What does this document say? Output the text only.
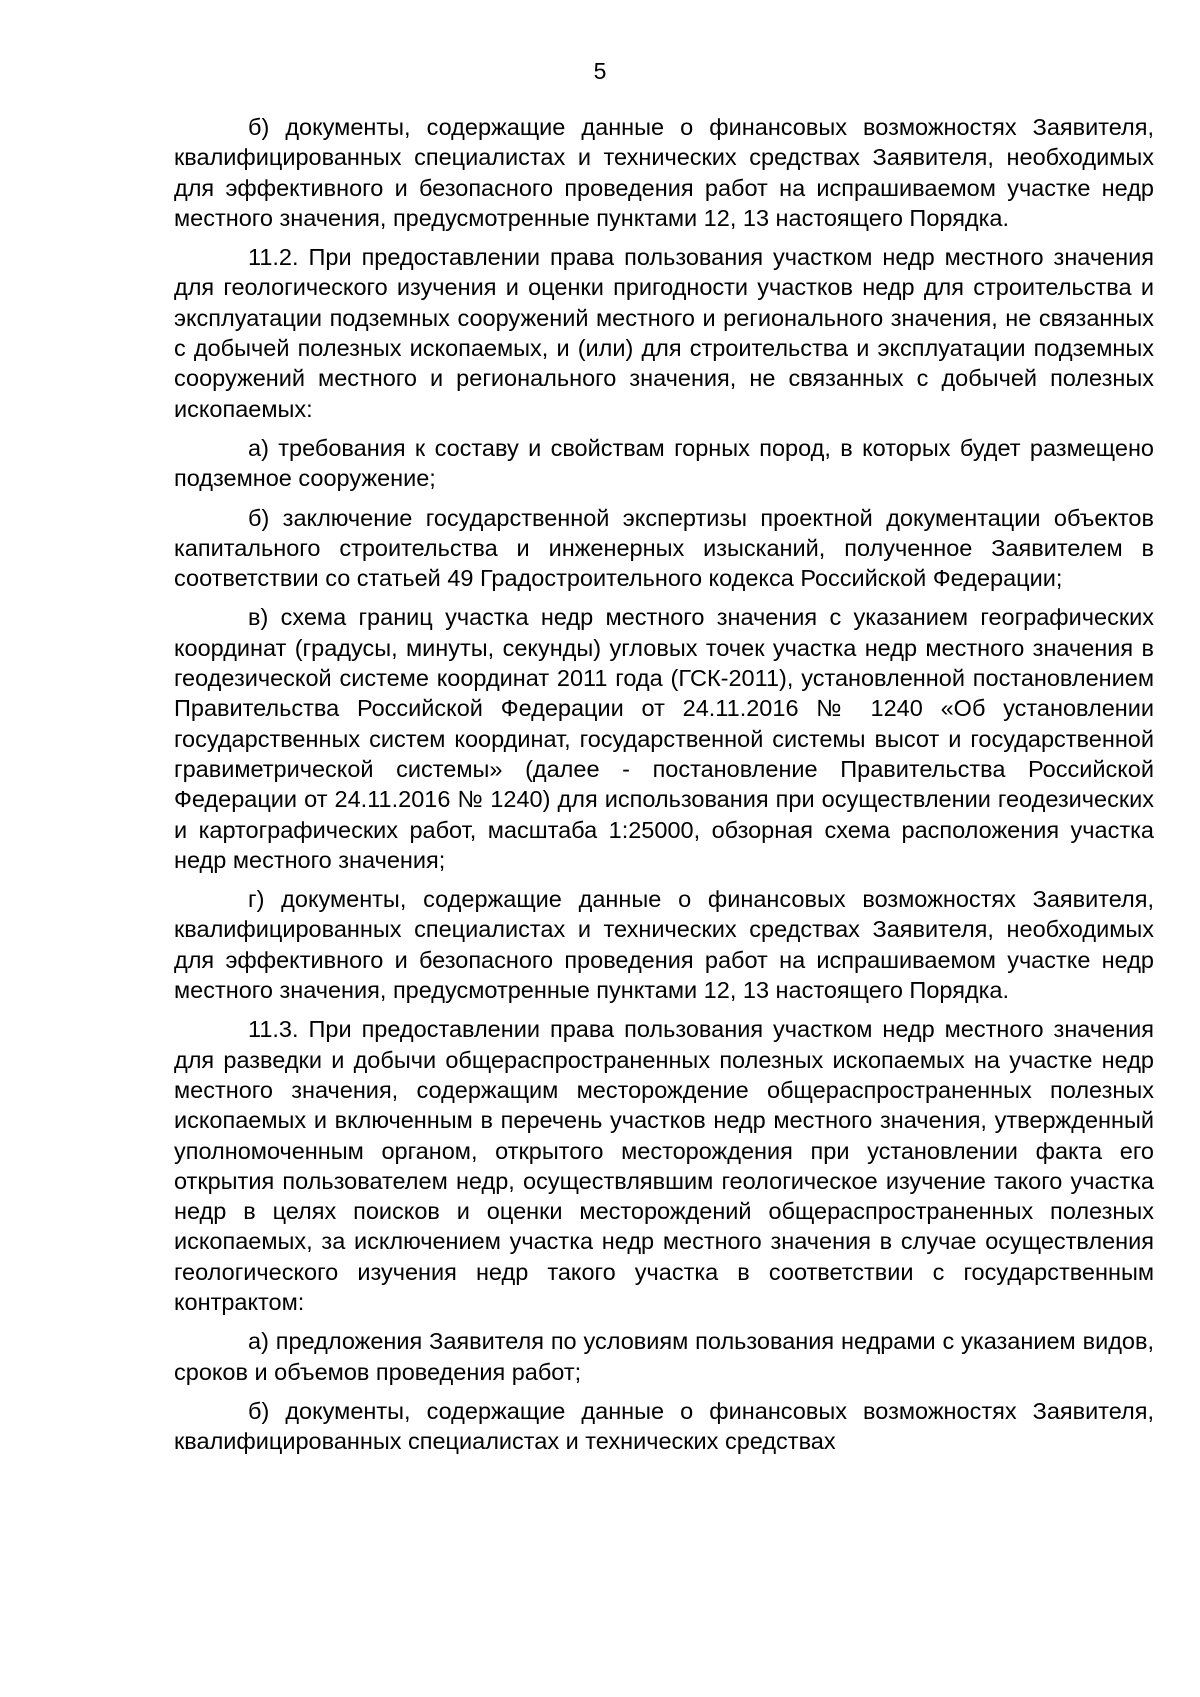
5

б) документы, содержащие данные о финансовых возможностях Заявителя, квалифицированных специалистах и технических средствах Заявителя, необходимых для эффективного и безопасного проведения работ на испрашиваемом участке недр местного значения, предусмотренные пунктами 12, 13 настоящего Порядка.

11.2. При предоставлении права пользования участком недр местного значения для геологического изучения и оценки пригодности участков недр для строительства и эксплуатации подземных сооружений местного и регионального значения, не связанных с добычей полезных ископаемых, и (или) для строительства и эксплуатации подземных сооружений местного и регионального значения, не связанных с добычей полезных ископаемых:

а) требования к составу и свойствам горных пород, в которых будет размещено подземное сооружение;

б) заключение государственной экспертизы проектной документации объектов капитального строительства и инженерных изысканий, полученное Заявителем в соответствии со статьей 49 Градостроительного кодекса Российской Федерации;

в) схема границ участка недр местного значения с указанием географических координат (градусы, минуты, секунды) угловых точек участка недр местного значения в геодезической системе координат 2011 года (ГСК-2011), установленной постановлением Правительства Российской Федерации от 24.11.2016 № 1240 «Об установлении государственных систем координат, государственной системы высот и государственной гравиметрической системы» (далее - постановление Правительства Российской Федерации от 24.11.2016 № 1240) для использования при осуществлении геодезических и картографических работ, масштаба 1:25000, обзорная схема расположения участка недр местного значения;

г) документы, содержащие данные о финансовых возможностях Заявителя, квалифицированных специалистах и технических средствах Заявителя, необходимых для эффективного и безопасного проведения работ на испрашиваемом участке недр местного значения, предусмотренные пунктами 12, 13 настоящего Порядка.

11.3. При предоставлении права пользования участком недр местного значения для разведки и добычи общераспространенных полезных ископаемых на участке недр местного значения, содержащим месторождение общераспространенных полезных ископаемых и включенным в перечень участков недр местного значения, утвержденный уполномоченным органом, открытого месторождения при установлении факта его открытия пользователем недр, осуществлявшим геологическое изучение такого участка недр в целях поисков и оценки месторождений общераспространенных полезных ископаемых, за исключением участка недр местного значения в случае осуществления геологического изучения недр такого участка в соответствии с государственным контрактом:

а) предложения Заявителя по условиям пользования недрами с указанием видов, сроков и объемов проведения работ;

б) документы, содержащие данные о финансовых возможностях Заявителя, квалифицированных специалистах и технических средствах
